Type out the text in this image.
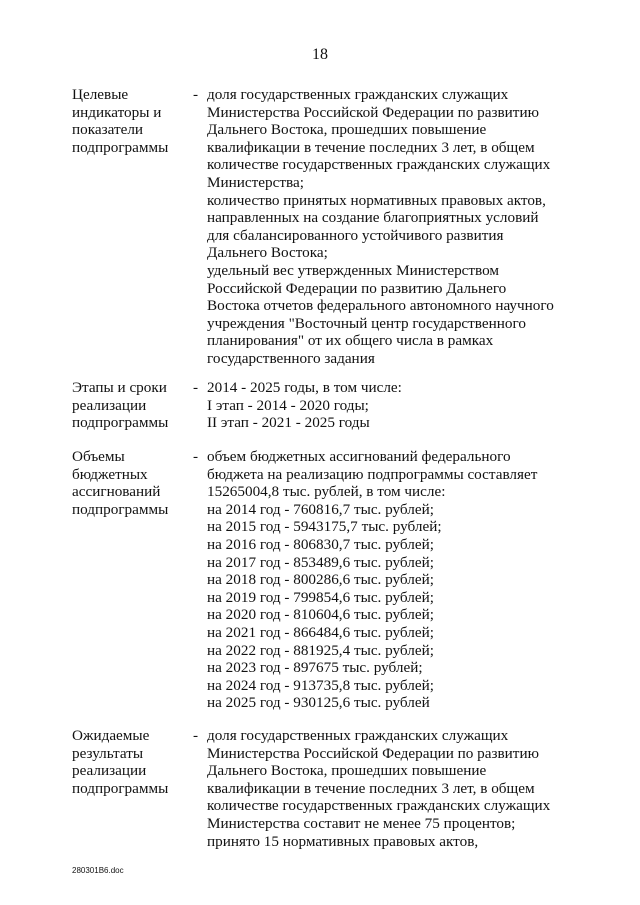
18
Целевые
индикаторы и
показатели
подпрограммы
- доля государственных гражданских служащих
Министерства Российской Федерации по развитию
Дальнего Востока, прошедших повышение
квалификации в течение последних 3 лет, в общем
количестве государственных гражданских служащих
Министерства;
количество принятых нормативных правовых актов,
направленных на создание благоприятных условий
для сбалансированного устойчивого развития
Дальнего Востока;
удельный вес утвержденных Министерством
Российской Федерации по развитию Дальнего
Востока отчетов федерального автономного научного
учреждения "Восточный центр государственного
планирования" от их общего числа в рамках
государственного задания
Этапы и сроки
реализации
подпрограммы
- 2014 - 2025 годы, в том числе:
I этап - 2014 - 2020 годы;
II этап - 2021 - 2025 годы
Объемы
бюджетных
ассигнований
подпрограммы
- объем бюджетных ассигнований федерального
бюджета на реализацию подпрограммы составляет
15265004,8 тыс. рублей, в том числе:
на 2014 год - 760816,7 тыс. рублей;
на 2015 год - 5943175,7 тыс. рублей;
на 2016 год - 806830,7 тыс. рублей;
на 2017 год - 853489,6 тыс. рублей;
на 2018 год - 800286,6 тыс. рублей;
на 2019 год - 799854,6 тыс. рублей;
на 2020 год - 810604,6 тыс. рублей;
на 2021 год - 866484,6 тыс. рублей;
на 2022 год - 881925,4 тыс. рублей;
на 2023 год - 897675 тыс. рублей;
на 2024 год - 913735,8 тыс. рублей;
на 2025 год - 930125,6 тыс. рублей
Ожидаемые
результаты
реализации
подпрограммы
- доля государственных гражданских служащих
Министерства Российской Федерации по развитию
Дальнего Востока, прошедших повышение
квалификации в течение последних 3 лет, в общем
количестве государственных гражданских служащих
Министерства составит не менее 75 процентов;
принято 15 нормативных правовых актов,
280301B6.doc
